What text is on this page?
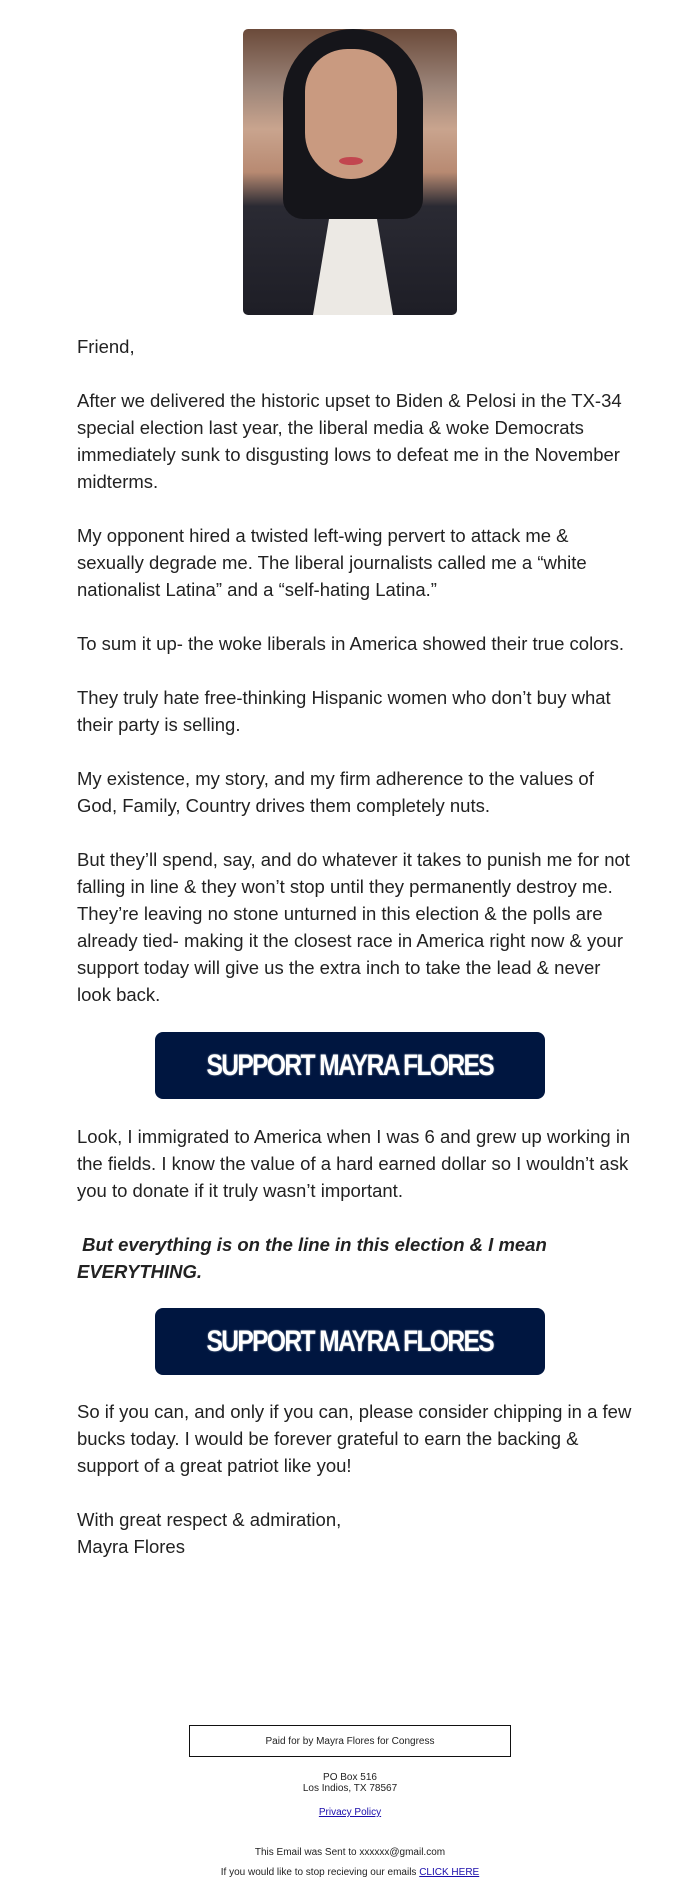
Friend,

After we delivered the historic upset to Biden & Pelosi in the TX-34 special election last year, the liberal media & woke Democrats immediately sunk to disgusting lows to defeat me in the November midterms.

My opponent hired a twisted left-wing pervert to attack me & sexually degrade me. The liberal journalists called me a “white nationalist Latina” and a “self-hating Latina.”

To sum it up- the woke liberals in America showed their true colors.

They truly hate free-thinking Hispanic women who don’t buy what their party is selling.

My existence, my story, and my firm adherence to the values of God, Family, Country drives them completely nuts.

But they’ll spend, say, and do whatever it takes to punish me for not falling in line & they won’t stop until they permanently destroy me. They’re leaving no stone unturned in this election & the polls are already tied- making it the closest race in America right now & your support today will give us the extra inch to take the lead & never look back.

SUPPORT MAYRA FLORES

Look, I immigrated to America when I was 6 and grew up working in the fields. I know the value of a hard earned dollar so I wouldn’t ask you to donate if it truly wasn’t important.

But everything is on the line in this election & I mean EVERYTHING.

SUPPORT MAYRA FLORES

So if you can, and only if you can, please consider chipping in a few bucks today. I would be forever grateful to earn the backing & support of a great patriot like you!

With great respect & admiration,

Mayra Flores

Paid for by Mayra Flores for Congress
PO Box 516
Los Indios, TX 78567
Privacy Policy
This Email was Sent to xxxxxx@gmail.com
If you would like to stop recieving our emails CLICK HERE
